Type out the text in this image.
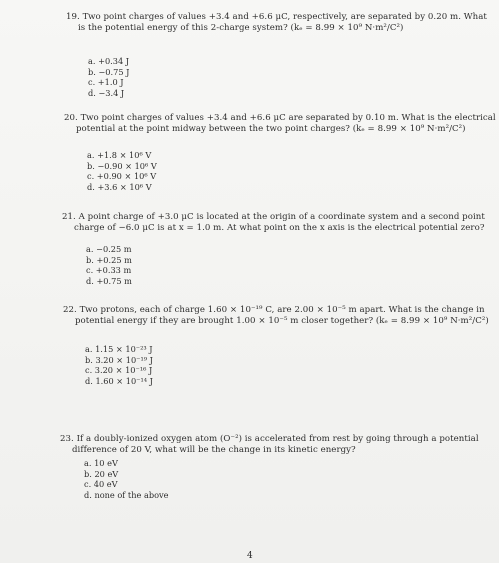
19. Two point charges of values +3.4 and +6.6 μC, respectively, are separated by 0.20 m. What
is the potential energy of this 2-charge system? (kₑ = 8.99 × 10⁹ N·m²/C²)
a. +0.34 J
b. −0.75 J
c. +1.0 J
d. −3.4 J
20. Two point charges of values +3.4 and +6.6 μC are separated by 0.10 m. What is the electrical
potential at the point midway between the two point charges? (kₑ = 8.99 × 10⁹ N·m²/C²)
a. +1.8 × 10⁶ V
b. −0.90 × 10⁶ V
c. +0.90 × 10⁶ V
d. +3.6 × 10⁶ V
21. A point charge of +3.0 μC is located at the origin of a coordinate system and a second point
charge of −6.0 μC is at x = 1.0 m. At what point on the x axis is the electrical potential zero?
a. −0.25 m
b. +0.25 m
c. +0.33 m
d. +0.75 m
22. Two protons, each of charge 1.60 × 10⁻¹⁹ C, are 2.00 × 10⁻⁵ m apart. What is the change in
potential energy if they are brought 1.00 × 10⁻⁵ m closer together? (kₑ = 8.99 × 10⁹ N·m²/C²)
a. 1.15 × 10⁻²³ J
b. 3.20 × 10⁻¹⁹ J
c. 3.20 × 10⁻¹⁶ J
d. 1.60 × 10⁻¹⁴ J
23. If a doubly-ionized oxygen atom (O⁻²) is accelerated from rest by going through a potential
difference of 20 V, what will be the change in its kinetic energy?
a. 10 eV
b. 20 eV
c. 40 eV
d. none of the above
4
